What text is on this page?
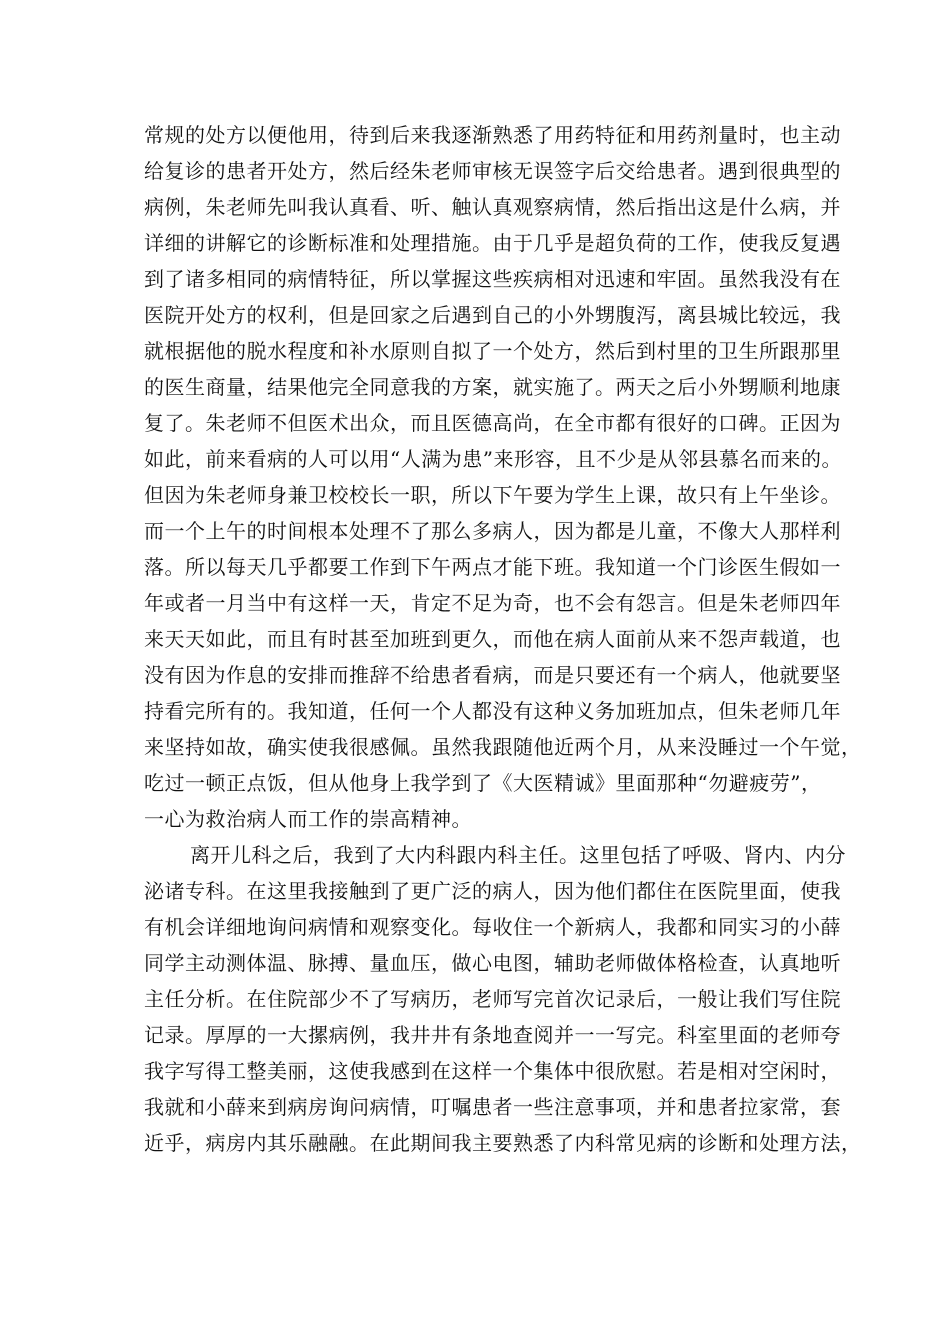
常规的处方以便他用，待到后来我逐渐熟悉了用药特征和用药剂量时，也主动
给复诊的患者开处方，然后经朱老师审核无误签字后交给患者。遇到很典型的
病例，朱老师先叫我认真看、听、触认真观察病情，然后指出这是什么病，并
详细的讲解它的诊断标准和处理措施。由于几乎是超负荷的工作，使我反复遇
到了诸多相同的病情特征，所以掌握这些疾病相对迅速和牢固。虽然我没有在
医院开处方的权利，但是回家之后遇到自己的小外甥腹泻，离县城比较远，我
就根据他的脱水程度和补水原则自拟了一个处方，然后到村里的卫生所跟那里
的医生商量，结果他完全同意我的方案，就实施了。两天之后小外甥顺利地康
复了。朱老师不但医术出众，而且医德高尚，在全市都有很好的口碑。正因为
如此，前来看病的人可以用“人满为患”来形容，且不少是从邻县慕名而来的。
但因为朱老师身兼卫校校长一职，所以下午要为学生上课，故只有上午坐诊。
而一个上午的时间根本处理不了那么多病人，因为都是儿童，不像大人那样利
落。所以每天几乎都要工作到下午两点才能下班。我知道一个门诊医生假如一
年或者一月当中有这样一天，肯定不足为奇，也不会有怨言。但是朱老师四年
来天天如此，而且有时甚至加班到更久，而他在病人面前从来不怨声载道，也
没有因为作息的安排而推辞不给患者看病，而是只要还有一个病人，他就要坚
持看完所有的。我知道，任何一个人都没有这种义务加班加点，但朱老师几年
来坚持如故，确实使我很感佩。虽然我跟随他近两个月，从来没睡过一个午觉，
吃过一顿正点饭，但从他身上我学到了《大医精诚》里面那种“勿避疲劳”，
一心为救治病人而工作的崇高精神。
离开儿科之后，我到了大内科跟内科主任。这里包括了呼吸、肾内、内分
泌诸专科。在这里我接触到了更广泛的病人，因为他们都住在医院里面，使我
有机会详细地询问病情和观察变化。每收住一个新病人，我都和同实习的小薛
同学主动测体温、脉搏、量血压，做心电图，辅助老师做体格检查，认真地听
主任分析。在住院部少不了写病历，老师写完首次记录后，一般让我们写住院
记录。厚厚的一大摞病例，我井井有条地查阅并一一写完。科室里面的老师夸
我字写得工整美丽，这使我感到在这样一个集体中很欣慰。若是相对空闲时，
我就和小薛来到病房询问病情，叮嘱患者一些注意事项，并和患者拉家常，套
近乎，病房内其乐融融。在此期间我主要熟悉了内科常见病的诊断和处理方法，
